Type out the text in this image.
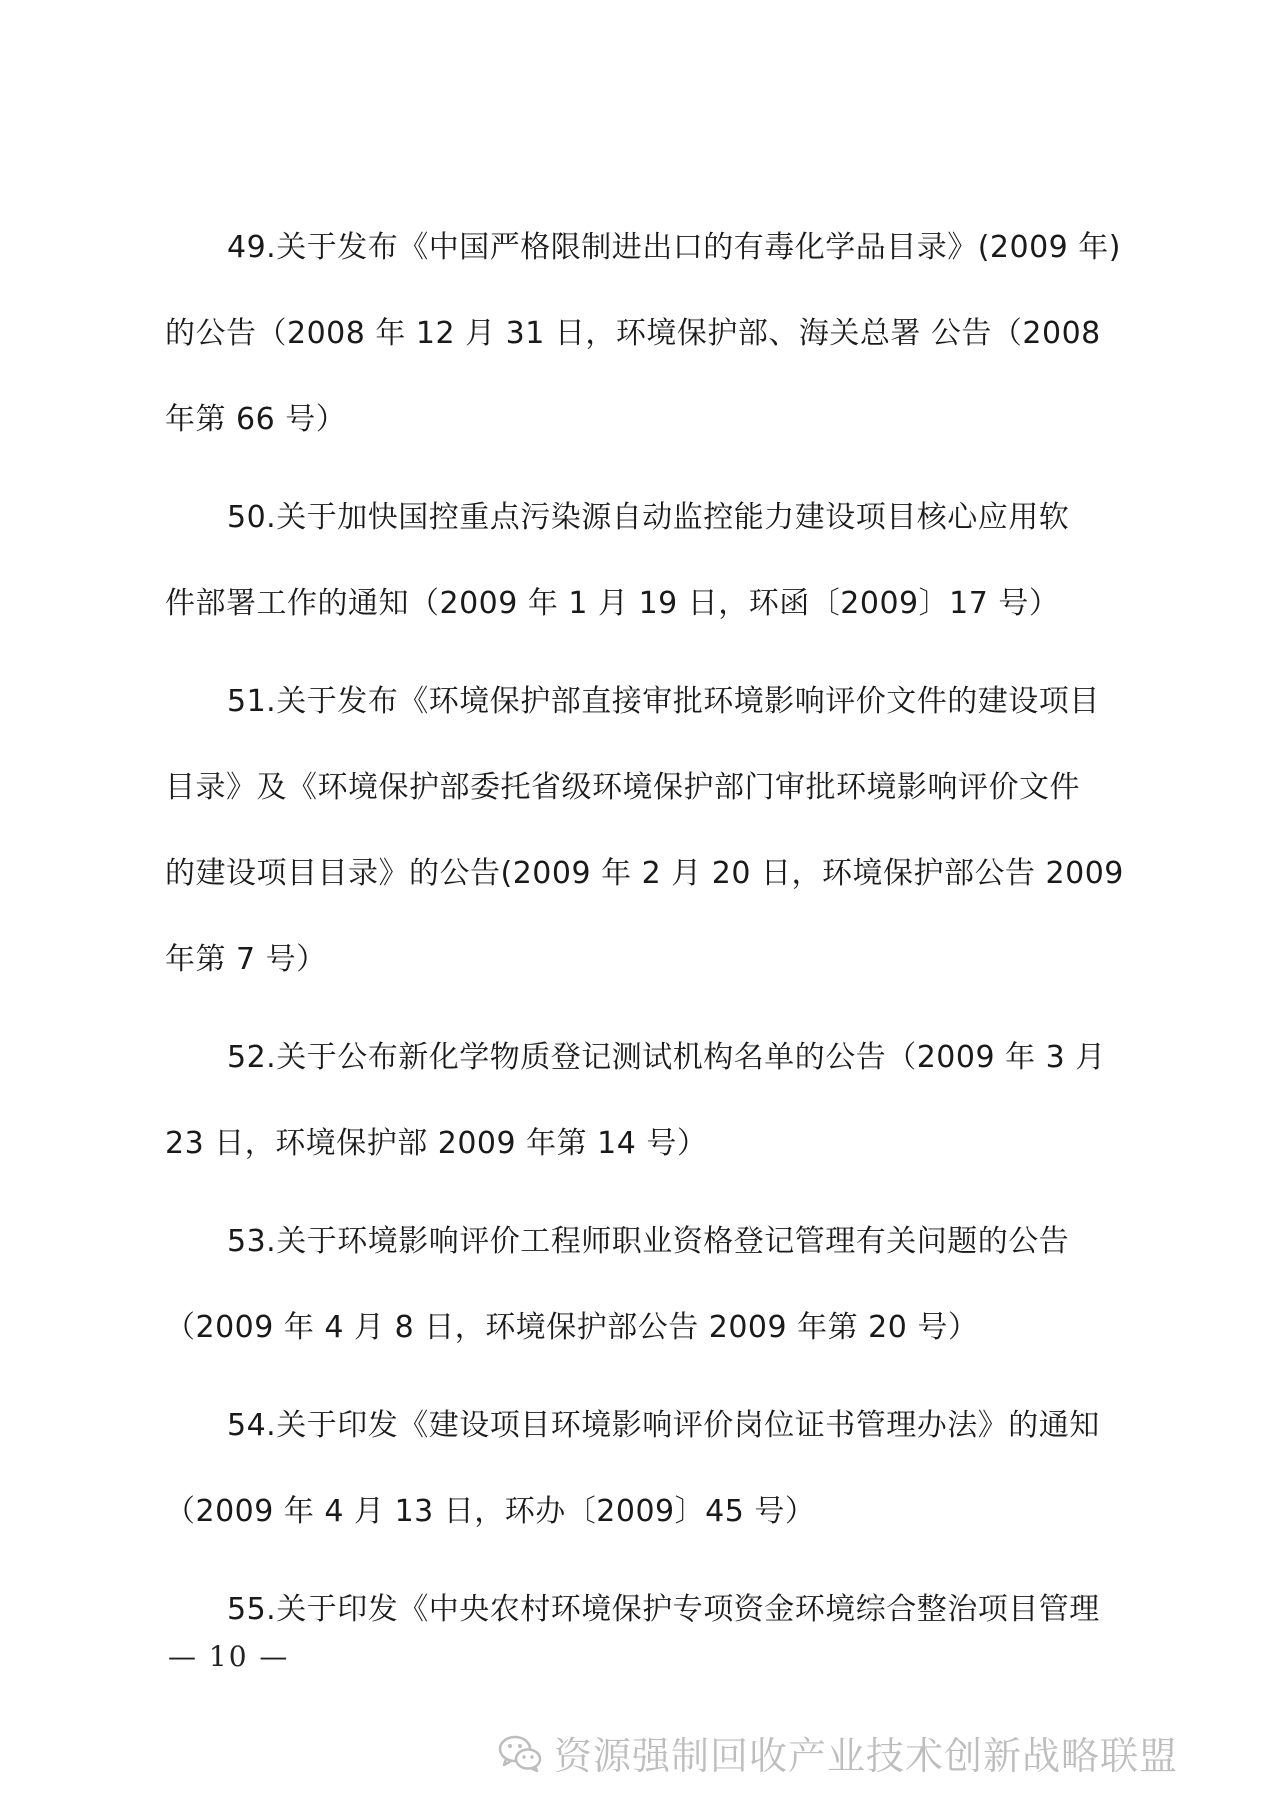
49.关于发布《中国严格限制进出口的有毒化学品目录》(2009 年)
的公告（2008 年 12 月 31 日，环境保护部、海关总署 公告（2008
年第 66 号）
50.关于加快国控重点污染源自动监控能力建设项目核心应用软
件部署工作的通知（2009 年 1 月 19 日，环函〔2009〕17 号）
51.关于发布《环境保护部直接审批环境影响评价文件的建设项目
目录》及《环境保护部委托省级环境保护部门审批环境影响评价文件
的建设项目目录》的公告(2009 年 2 月 20 日，环境保护部公告 2009
年第 7 号）
52.关于公布新化学物质登记测试机构名单的公告（2009 年 3 月
23 日，环境保护部 2009 年第 14 号）
53.关于环境影响评价工程师职业资格登记管理有关问题的公告
（2009 年 4 月 8 日，环境保护部公告 2009 年第 20 号）
54.关于印发《建设项目环境影响评价岗位证书管理办法》的通知
（2009 年 4 月 13 日，环办〔2009〕45 号）
55.关于印发《中央农村环境保护专项资金环境综合整治项目管理
— 10 —
资源强制回收产业技术创新战略联盟
